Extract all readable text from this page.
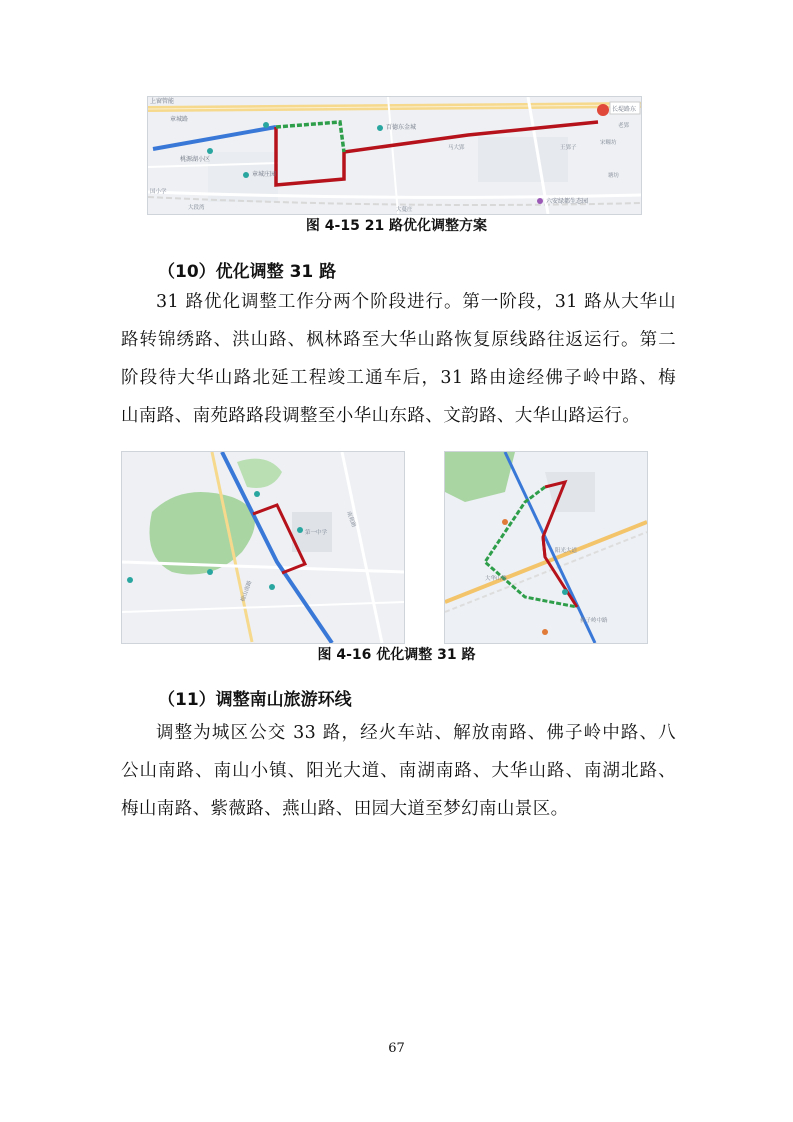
上窗管能
章城路
桃源湖小区
百德东金城
长堤路东
马大郢	王郢子
宋疃坊
章城庄园
六安绿都生态园
大蔓庄
大段湾
国小学
塘坊
老郢
图 4-15 21 路优化调整方案
（10）优化调整 31 路
31 路优化调整工作分两个阶段进行。第一阶段，31 路从大华山
路转锦绣路、洪山路、枫林路至大华山路恢复原线路往返运行。第二
阶段待大华山路北延工程竣工通车后，31 路由途经佛子岭中路、梅
山南路、南苑路路段调整至小华山东路、文韵路、大华山路运行。
梅山南路
南苑路
第一中学
阳光大道
大华山路
佛子岭中路
图 4-16 优化调整 31 路
（11）调整南山旅游环线
调整为城区公交 33 路，经火车站、解放南路、佛子岭中路、八
公山南路、南山小镇、阳光大道、南湖南路、大华山路、南湖北路、
梅山南路、紫薇路、燕山路、田园大道至梦幻南山景区。
67
